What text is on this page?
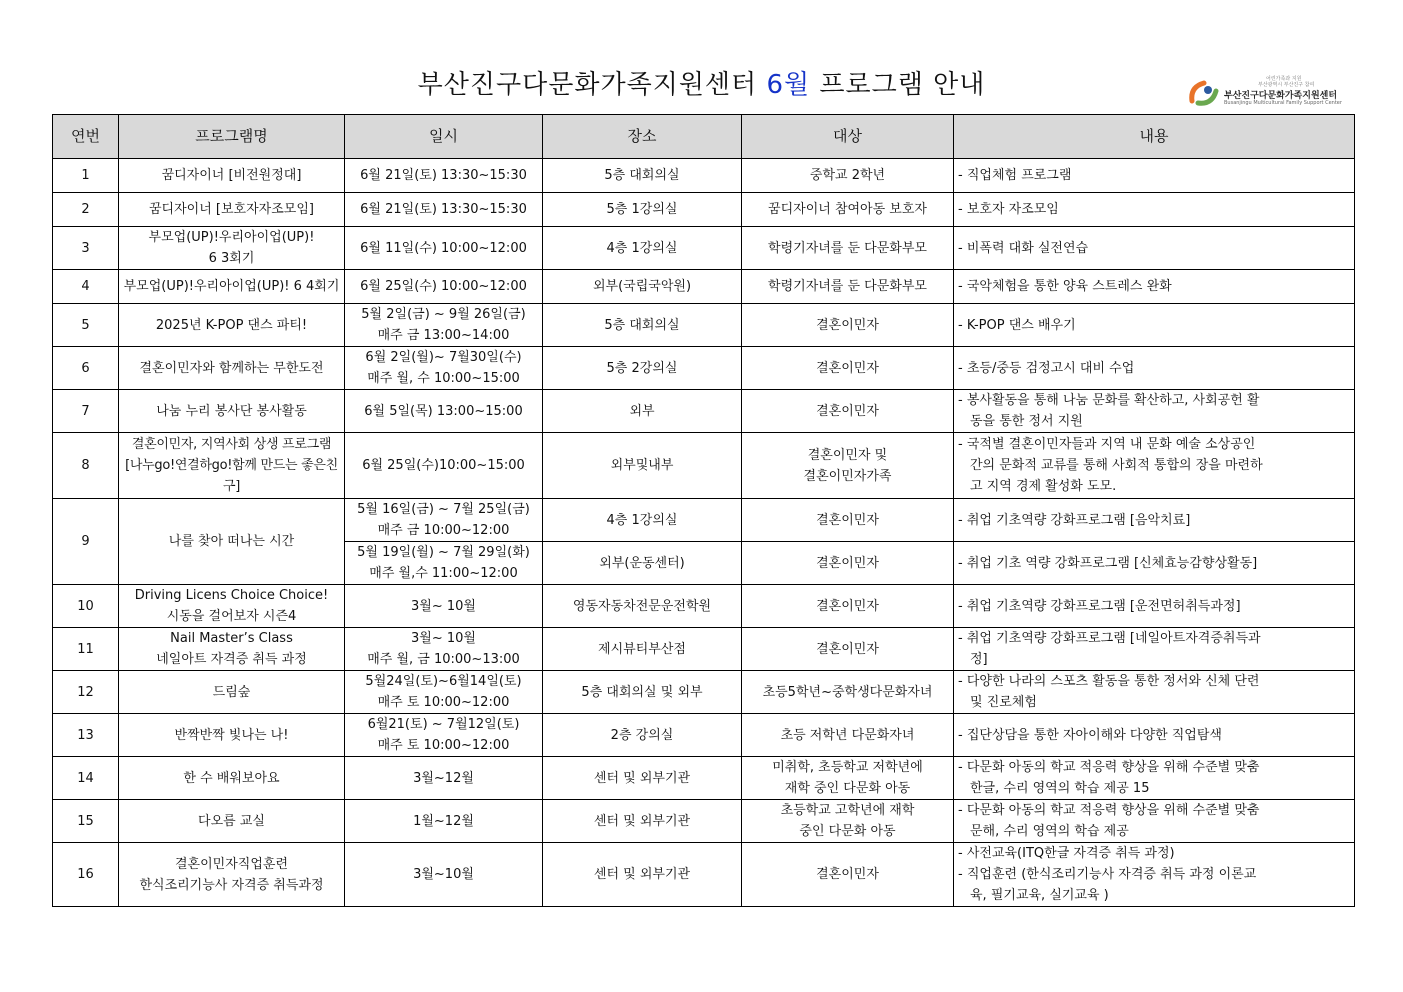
부산진구다문화가족지원센터 6월 프로그램 안내	어린가족과 지원
부산광역시 부산진구 참여
부산진구다문화가족지원센터
Busanjingu Multicultural Family Support Center
연번	프로그램명	일시	장소	대상	내용
1	꿈디자이너 [비전원정대]	6월 21일(토) 13:30~15:30	5층 대회의실	중학교 2학년	- 직업체험 프로그램

2	꿈디자이너 [보호자자조모임]	6월 21일(토) 13:30~15:30	5층 1강의실	꿈디자이너 참여아동 보호자	- 보호자 자조모임

3	부모업(UP)!우리아이업(UP)!
6 3회기	6월 11일(수) 10:00~12:00	4층 1강의실	학령기자녀를 둔 다문화부모	- 비폭력 대화 실전연습

4	부모업(UP)!우리아이업(UP)! 6 4회기	6월 25일(수) 10:00~12:00	외부(국립국악원)	학령기자녀를 둔 다문화부모	- 국악체험을 통한 양육 스트레스 완화

5	2025년 K-POP 댄스 파티!	5월 2일(금) ~ 9월 26일(금)
매주 금 13:00~14:00	5층 대회의실	결혼이민자	- K-POP 댄스 배우기

6	결혼이민자와 함께하는 무한도전	6월 2일(월)~ 7월30일(수)
매주 월, 수 10:00~15:00	5층 2강의실	결혼이민자	- 초등/중등 검정고시 대비 수업

7	나눔 누리 봉사단 봉사활동	6월 5일(목) 13:00~15:00	외부	결혼이민자	- 봉사활동을 통해 나눔 문화를 확산하고, 사회공헌 활
동을 통한 정서 지원

8	결혼이민자, 지역사회 상생 프로그램
[나누go!연결하go!함께 만드는 좋은친구]	6월 25일(수)10:00~15:00	외부및내부	결혼이민자 및
결혼이민자가족	- 국적별 결혼이민자들과 지역 내 문화 예술 소상공인
간의 문화적 교류를 통해 사회적 통합의 장을 마련하
고 지역 경제 활성화 도모.

9	나를 찾아 떠나는 시간	5월 16일(금) ~ 7월 25일(금)
매주 금 10:00~12:00	4층 1강의실	결혼이민자	- 취업 기초역량 강화프로그램 [음악치료]

		5월 19일(월) ~ 7월 29일(화)
매주 월,수 11:00~12:00	외부(운동센터)	결혼이민자	- 취업 기초 역량 강화프로그램 [신체효능감향상활동]

10	Driving Licens Choice Choice!
시동을 걸어보자 시즌4	3월~ 10월	영동자동차전문운전학원	결혼이민자	- 취업 기초역량 강화프로그램 [운전면허취득과정]

11	Nail Master’s Class
네일아트 자격증 취득 과정	3월~ 10월
매주 월, 금 10:00~13:00	제시뷰티부산점	결혼이민자	- 취업 기초역량 강화프로그램 [네일아트자격증취득과
정]

12	드림숲	5월24일(토)~6월14일(토)
매주 토 10:00~12:00	5층 대회의실 및 외부	초등5학년~중학생다문화자녀	- 다양한 나라의 스포츠 활동을 통한 정서와 신체 단련
및 진로체험

13	반짝반짝 빛나는 나!	6월21(토) ~ 7월12일(토)
매주 토 10:00~12:00	2층 강의실	초등 저학년 다문화자녀	- 집단상담을 통한 자아이해와 다양한 직업탐색

14	한 수 배워보아요	3월~12월	센터 및 외부기관	미취학, 초등학교 저학년에
재학 중인 다문화 아동	- 다문화 아동의 학교 적응력 향상을 위해 수준별 맞춤
한글, 수리 영역의 학습 제공 15

15	다오름 교실	1월~12월	센터 및 외부기관	초등학교 고학년에 재학
중인 다문화 아동	- 다문화 아동의 학교 적응력 향상을 위해 수준별 맞춤
문해, 수리 영역의 학습 제공

16	결혼이민자직업훈련
한식조리기능사 자격증 취득과정	3월~10월	센터 및 외부기관	결혼이민자	- 사전교육(ITQ한글 자격증 취득 과정)
- 직업훈련 (한식조리기능사 자격증 취득 과정 이론교
육, 필기교육, 실기교육 )
